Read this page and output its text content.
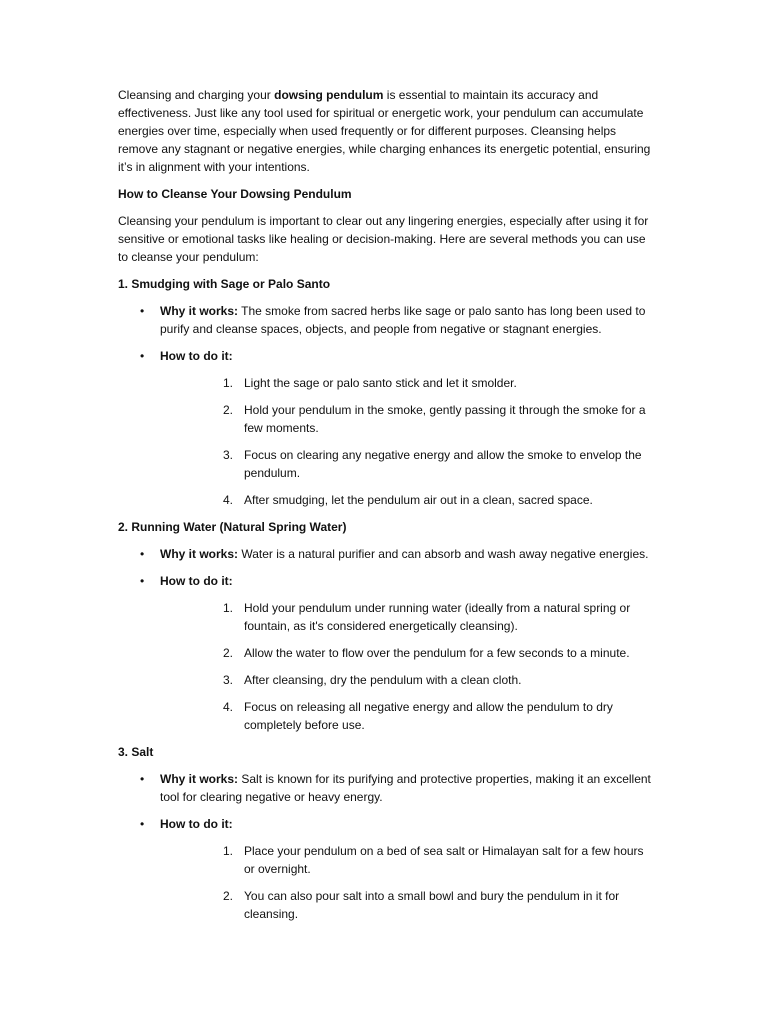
Cleansing and charging your dowsing pendulum is essential to maintain its accuracy and effectiveness. Just like any tool used for spiritual or energetic work, your pendulum can accumulate energies over time, especially when used frequently or for different purposes. Cleansing helps remove any stagnant or negative energies, while charging enhances its energetic potential, ensuring it’s in alignment with your intentions.

How to Cleanse Your Dowsing Pendulum

Cleansing your pendulum is important to clear out any lingering energies, especially after using it for sensitive or emotional tasks like healing or decision-making. Here are several methods you can use to cleanse your pendulum:

1. Smudging with Sage or Palo Santo

• Why it works: The smoke from sacred herbs like sage or palo santo has long been used to purify and cleanse spaces, objects, and people from negative or stagnant energies.
• How to do it:
1. Light the sage or palo santo stick and let it smolder.
2. Hold your pendulum in the smoke, gently passing it through the smoke for a few moments.
3. Focus on clearing any negative energy and allow the smoke to envelop the pendulum.
4. After smudging, let the pendulum air out in a clean, sacred space.

2. Running Water (Natural Spring Water)

• Why it works: Water is a natural purifier and can absorb and wash away negative energies.
• How to do it:
1. Hold your pendulum under running water (ideally from a natural spring or fountain, as it's considered energetically cleansing).
2. Allow the water to flow over the pendulum for a few seconds to a minute.
3. After cleansing, dry the pendulum with a clean cloth.
4. Focus on releasing all negative energy and allow the pendulum to dry completely before use.

3. Salt

• Why it works: Salt is known for its purifying and protective properties, making it an excellent tool for clearing negative or heavy energy.
• How to do it:
1. Place your pendulum on a bed of sea salt or Himalayan salt for a few hours or overnight.
2. You can also pour salt into a small bowl and bury the pendulum in it for cleansing.
